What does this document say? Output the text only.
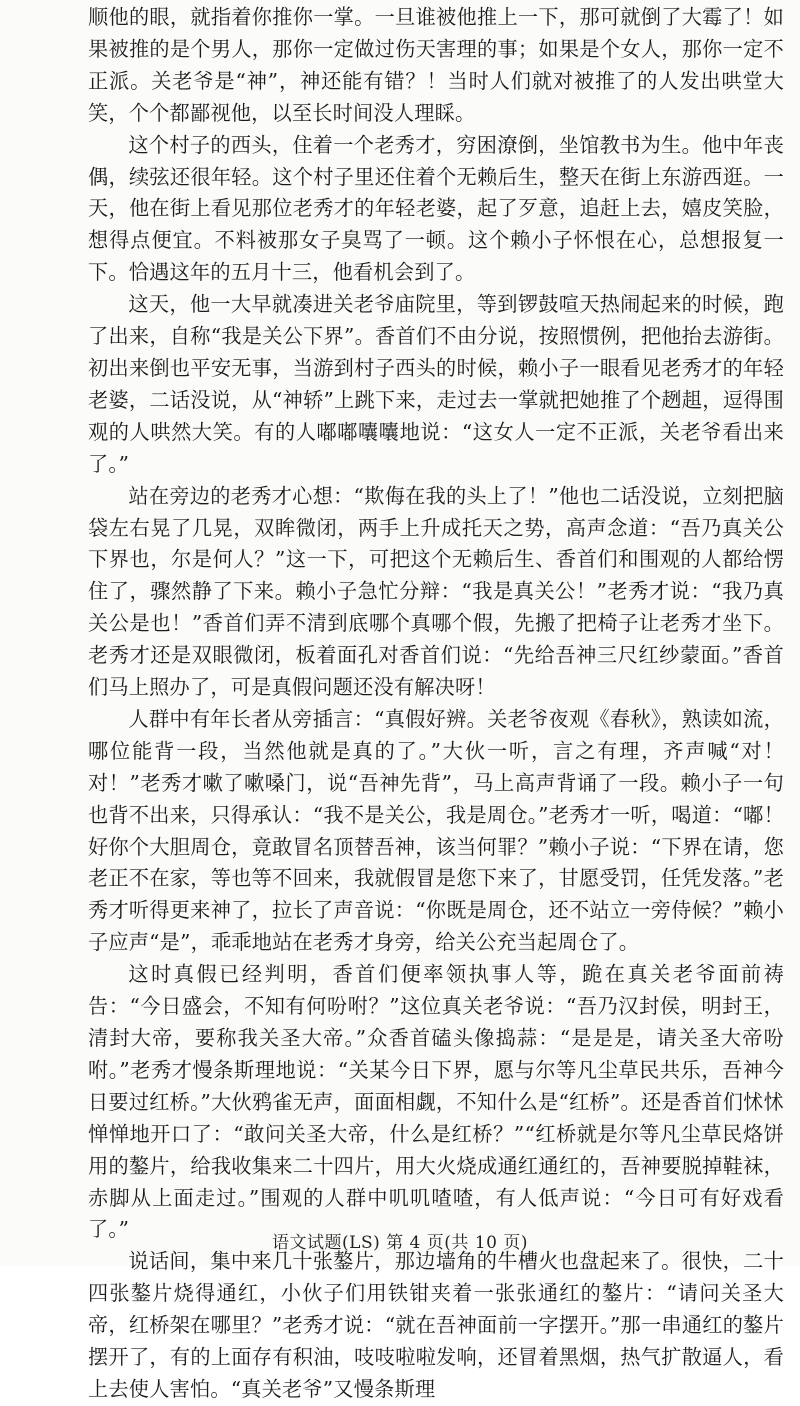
顺他的眼，就指着你推你一掌。一旦谁被他推上一下，那可就倒了大霉了！如果被推的是个男人，那你一定做过伤天害理的事；如果是个女人，那你一定不正派。关老爷是“神”，神还能有错？！当时人们就对被推了的人发出哄堂大笑，个个都鄙视他，以至长时间没人理睬。

这个村子的西头，住着一个老秀才，穷困潦倒，坐馆教书为生。他中年丧偶，续弦还很年轻。这个村子里还住着个无赖后生，整天在街上东游西逛。一天，他在街上看见那位老秀才的年轻老婆，起了歹意，追赶上去，嬉皮笑脸，想得点便宜。不料被那女子臭骂了一顿。这个赖小子怀恨在心，总想报复一下。恰遇这年的五月十三，他看机会到了。

这天，他一大早就凑进关老爷庙院里，等到锣鼓喧天热闹起来的时候，跑了出来，自称“我是关公下界”。香首们不由分说，按照惯例，把他抬去游街。初出来倒也平安无事，当游到村子西头的时候，赖小子一眼看见老秀才的年轻老婆，二话没说，从“神轿”上跳下来，走过去一掌就把她推了个趔趄，逗得围观的人哄然大笑。有的人嘟嘟囔囔地说：“这女人一定不正派，关老爷看出来了。”

站在旁边的老秀才心想：“欺侮在我的头上了！”他也二话没说，立刻把脑袋左右晃了几晃，双眸微闭，两手上升成托天之势，高声念道：“吾乃真关公下界也，尔是何人？”这一下，可把这个无赖后生、香首们和围观的人都给愣住了，骤然静了下来。赖小子急忙分辩：“我是真关公！”老秀才说：“我乃真关公是也！”香首们弄不清到底哪个真哪个假，先搬了把椅子让老秀才坐下。老秀才还是双眼微闭，板着面孔对香首们说：“先给吾神三尺红纱蒙面。”香首们马上照办了，可是真假问题还没有解决呀！

人群中有年长者从旁插言：“真假好辨。关老爷夜观《春秋》，熟读如流，哪位能背一段，当然他就是真的了。”大伙一听，言之有理，齐声喊“对！对！”老秀才嗽了嗽嗓门，说“吾神先背”，马上高声背诵了一段。赖小子一句也背不出来，只得承认：“我不是关公，我是周仓。”老秀才一听，喝道：“嘟！好你个大胆周仓，竟敢冒名顶替吾神，该当何罪？”赖小子说：“下界在请，您老正不在家，等也等不回来，我就假冒是您下来了，甘愿受罚，任凭发落。”老秀才听得更来神了，拉长了声音说：“你既是周仓，还不站立一旁侍候？”赖小子应声“是”，乖乖地站在老秀才身旁，给关公充当起周仓了。

这时真假已经判明，香首们便率领执事人等，跪在真关老爷面前祷告：“今日盛会，不知有何吩咐？”这位真关老爷说：“吾乃汉封侯，明封王，清封大帝，要称我关圣大帝。”众香首磕头像捣蒜：“是是是，请关圣大帝吩咐。”老秀才慢条斯理地说：“关某今日下界，愿与尔等凡尘草民共乐，吾神今日要过红桥。”大伙鸦雀无声，面面相觑，不知什么是“红桥”。还是香首们怵怵惮惮地开口了：“敢问关圣大帝，什么是红桥？”“红桥就是尔等凡尘草民烙饼用的鏊片，给我收集来二十四片，用大火烧成通红通红的，吾神要脱掉鞋袜，赤脚从上面走过。”围观的人群中叽叽喳喳，有人低声说：“今日可有好戏看了。”

说话间，集中来几十张鏊片，那边墙角的牛槽火也盘起来了。很快，二十四张鏊片烧得通红，小伙子们用铁钳夹着一张张通红的鏊片：“请问关圣大帝，红桥架在哪里？”老秀才说：“就在吾神面前一字摆开。”那一串通红的鏊片摆开了，有的上面存有积油，吱吱啦啦发响，还冒着黑烟，热气扩散逼人，看上去使人害怕。“真关老爷”又慢条斯理

语文试题(LS) 第 4 页(共 10 页)
